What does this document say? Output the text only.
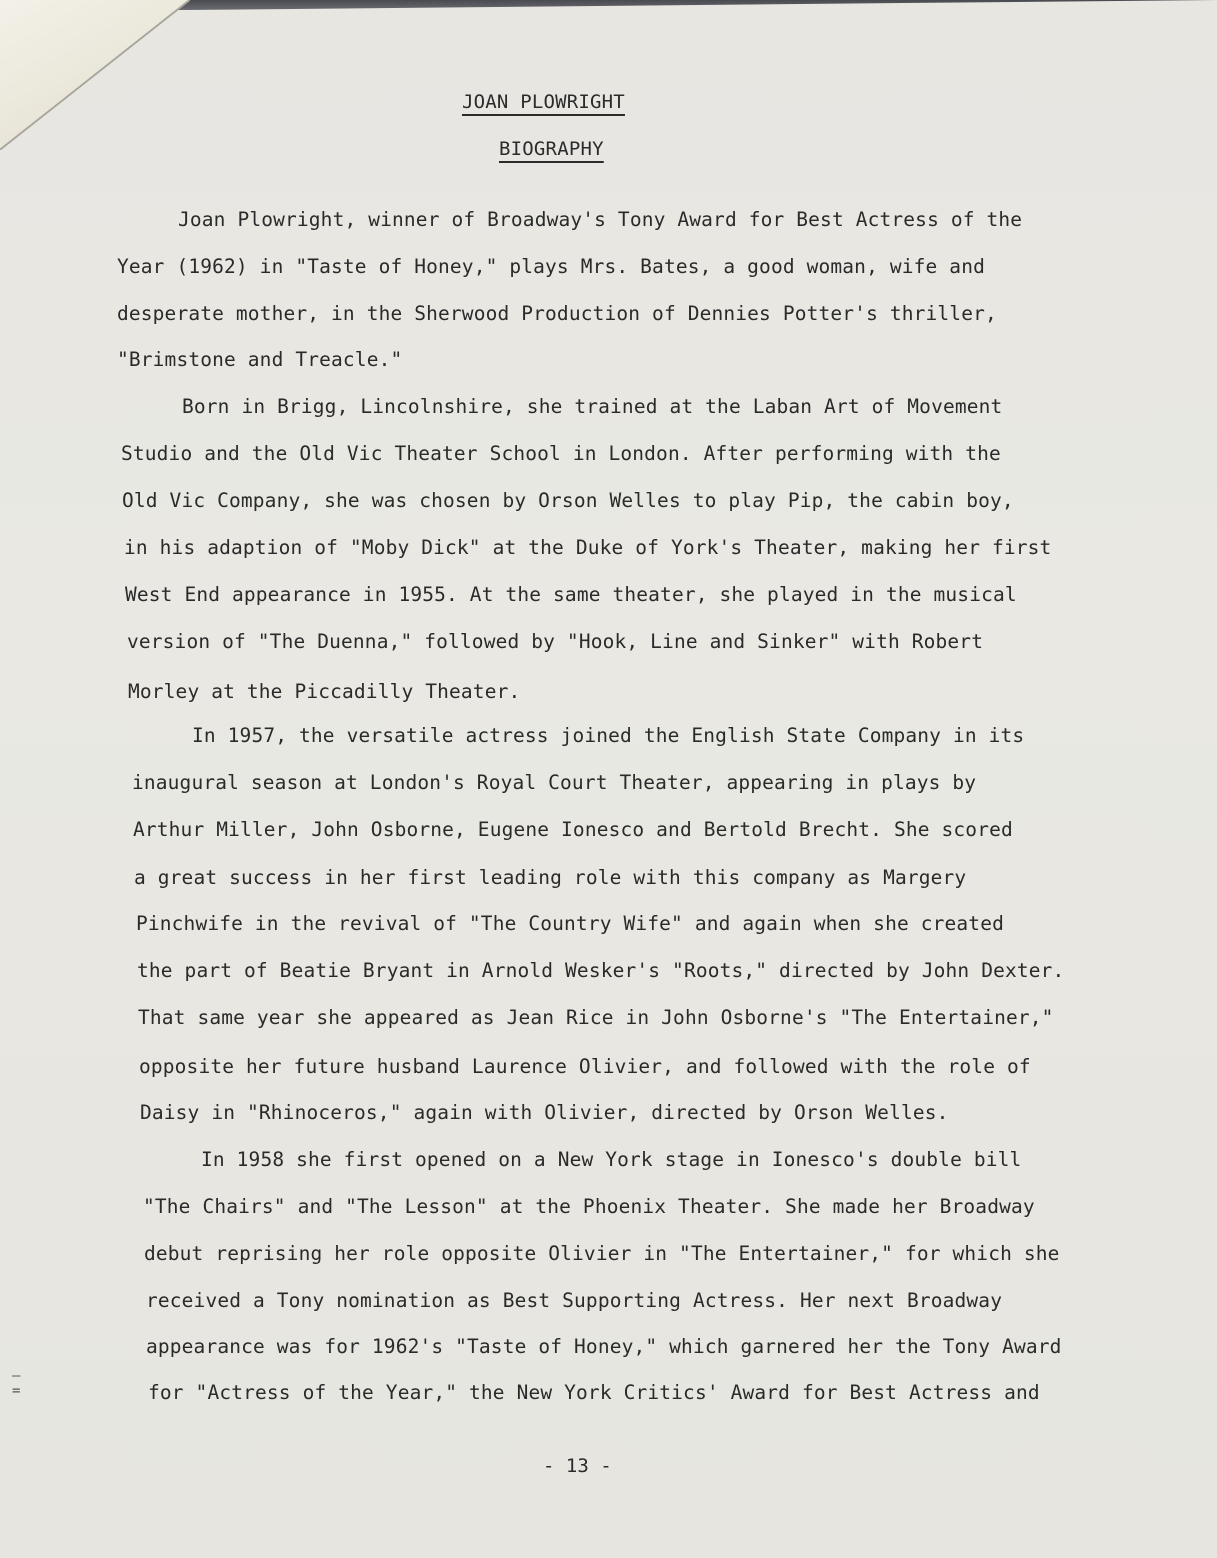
JOAN PLOWRIGHT
BIOGRAPHY
Joan Plowright, winner of Broadway's Tony Award for Best Actress of the
Year (1962) in "Taste of Honey," plays Mrs. Bates, a good woman, wife and
desperate mother, in the Sherwood Production of Dennies Potter's thriller,
"Brimstone and Treacle."
Born in Brigg, Lincolnshire, she trained at the Laban Art of Movement
Studio and the Old Vic Theater School in London. After performing with the
Old Vic Company, she was chosen by Orson Welles to play Pip, the cabin boy,
in his adaption of "Moby Dick" at the Duke of York's Theater, making her first
West End appearance in 1955. At the same theater, she played in the musical
version of "The Duenna," followed by "Hook, Line and Sinker" with Robert
Morley at the Piccadilly Theater.
In 1957, the versatile actress joined the English State Company in its
inaugural season at London's Royal Court Theater, appearing in plays by
Arthur Miller, John Osborne, Eugene Ionesco and Bertold Brecht. She scored
a great success in her first leading role with this company as Margery
Pinchwife in the revival of "The Country Wife" and again when she created
the part of Beatie Bryant in Arnold Wesker's "Roots," directed by John Dexter.
That same year she appeared as Jean Rice in John Osborne's "The Entertainer,"
opposite her future husband Laurence Olivier, and followed with the role of
Daisy in "Rhinoceros," again with Olivier, directed by Orson Welles.
In 1958 she first opened on a New York stage in Ionesco's double bill
"The Chairs" and "The Lesson" at the Phoenix Theater. She made her Broadway
debut reprising her role opposite Olivier in "The Entertainer," for which she
received a Tony nomination as Best Supporting Actress. Her next Broadway
appearance was for 1962's "Taste of Honey," which garnered her the Tony Award
for "Actress of the Year," the New York Critics' Award for Best Actress and
- 13 -
–
=
